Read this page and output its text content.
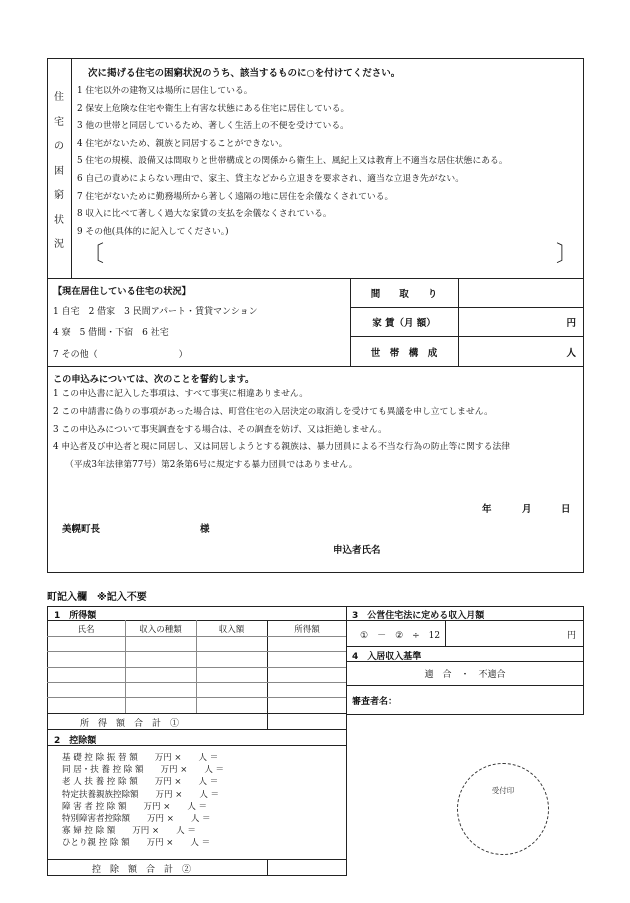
住
宅
の
困
窮
状
況
次に掲げる住宅の困窮状況のうち、該当するものに○を付けてください。
1 住宅以外の建物又は場所に居住している。
2 保安上危険な住宅や衛生上有害な状態にある住宅に居住している。
3 他の世帯と同居しているため、著しく生活上の不便を受けている。
4 住宅がないため、親族と同居することができない。
5 住宅の規模、設備又は間取りと世帯構成との関係から衛生上、風紀上又は教育上不適当な居住状態にある。
6 自己の責めによらない理由で、家主、貸主などから立退きを要求され、適当な立退き先がない。
7 住宅がないために勤務場所から著しく遠隔の地に居住を余儀なくされている。
8 収入に比べて著しく過大な家賃の支払を余儀なくされている。
9 その他(具体的に記入してください。)
〔	〕
【現在居住している住宅の状況】
1 自宅　2 借家　3 民間アパート・賃貸マンション
4 寮　5 借間・下宿　6 社宅
7 その他（　　　　　　　　　）
間　　取　　り
家 賃（月 額）	円
世　帯　構　成	人
この申込みについては、次のことを誓約します。
1 この申込書に記入した事項は、すべて事実に相違ありません。
2 この申請書に偽りの事項があった場合は、町営住宅の入居決定の取消しを受けても異議を申し立てしません。
3 この申込みについて事実調査をする場合は、その調査を妨げ、又は拒絶しません。
4 申込者及び申込者と現に同居し、又は同居しようとする親族は、暴力団員による不当な行為の防止等に関する法律
（平成3年法律第77号）第2条第6号に規定する暴力団員ではありません。
年	月	日
美幌町長	様
申込者氏名
町記入欄　※記入不要
1　所得額
氏名	収入の種類	収入額	所得額
所　得　額　合　計　①
2　控除額
基 礎 控 除 振 替 額　　万円 ×　　人 ＝
同 居・扶 養 控 除 額　　万円 ×　　人 ＝
老 人 扶 養 控 除 額　　万円 ×　　人 ＝
特定扶養親族控除額　　万円 ×　　人 ＝
障 害 者 控 除 額　　万円 ×　　人 ＝
特別障害者控除額　　万円 ×　　人 ＝
寡 婦 控 除 額　　万円 ×　　人 ＝
ひとり親 控 除 額　　万円 ×　　人 ＝
控　除　額　合　計　②
3　公営住宅法に定める収入月額
①　－　②　÷　12	円
4　入居収入基準
適　合　・　不適合
審査者名：
受付印
